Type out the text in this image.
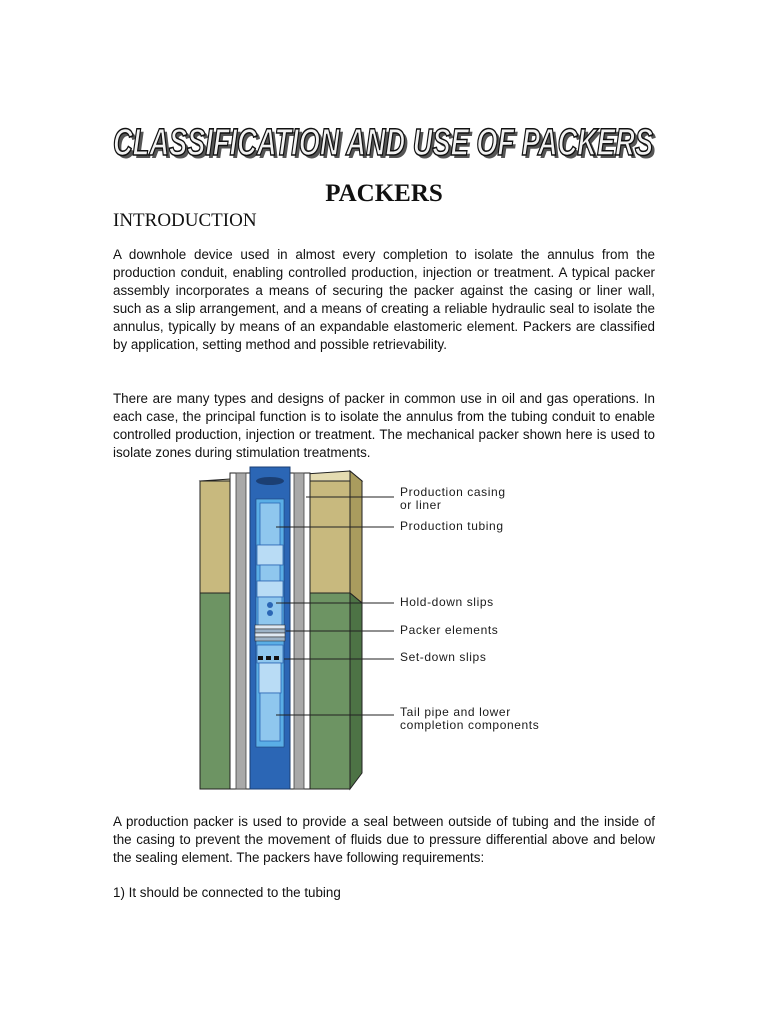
CLASSIFICATION AND USE OF PACKERS
CLASSIFICATION AND USE OF PACKERS
PACKERS
INTRODUCTION

A downhole device used in almost every completion to isolate the annulus from the production conduit, enabling controlled production, injection or treatment. A typical packer assembly incorporates a means of securing the packer against the casing or liner wall, such as a slip arrangement, and a means of creating a reliable hydraulic seal to isolate the annulus, typically by means of an expandable elastomeric element. Packers are classified by application, setting method and possible retrievability.

There are many types and designs of packer in common use in oil and gas operations. In each case, the principal function is to isolate the annulus from the tubing conduit to enable controlled production, injection or treatment. The mechanical packer shown here is used to isolate zones during stimulation treatments.

Production casing
or liner
Production tubing
Hold-down slips
Packer elements
Set-down slips
Tail pipe and lower
completion components

A production packer is used to provide a seal between outside of tubing and the inside of the casing to prevent the movement of fluids due to pressure differential above and below the sealing element. The packers have following requirements:

1) It should be connected to the tubing
